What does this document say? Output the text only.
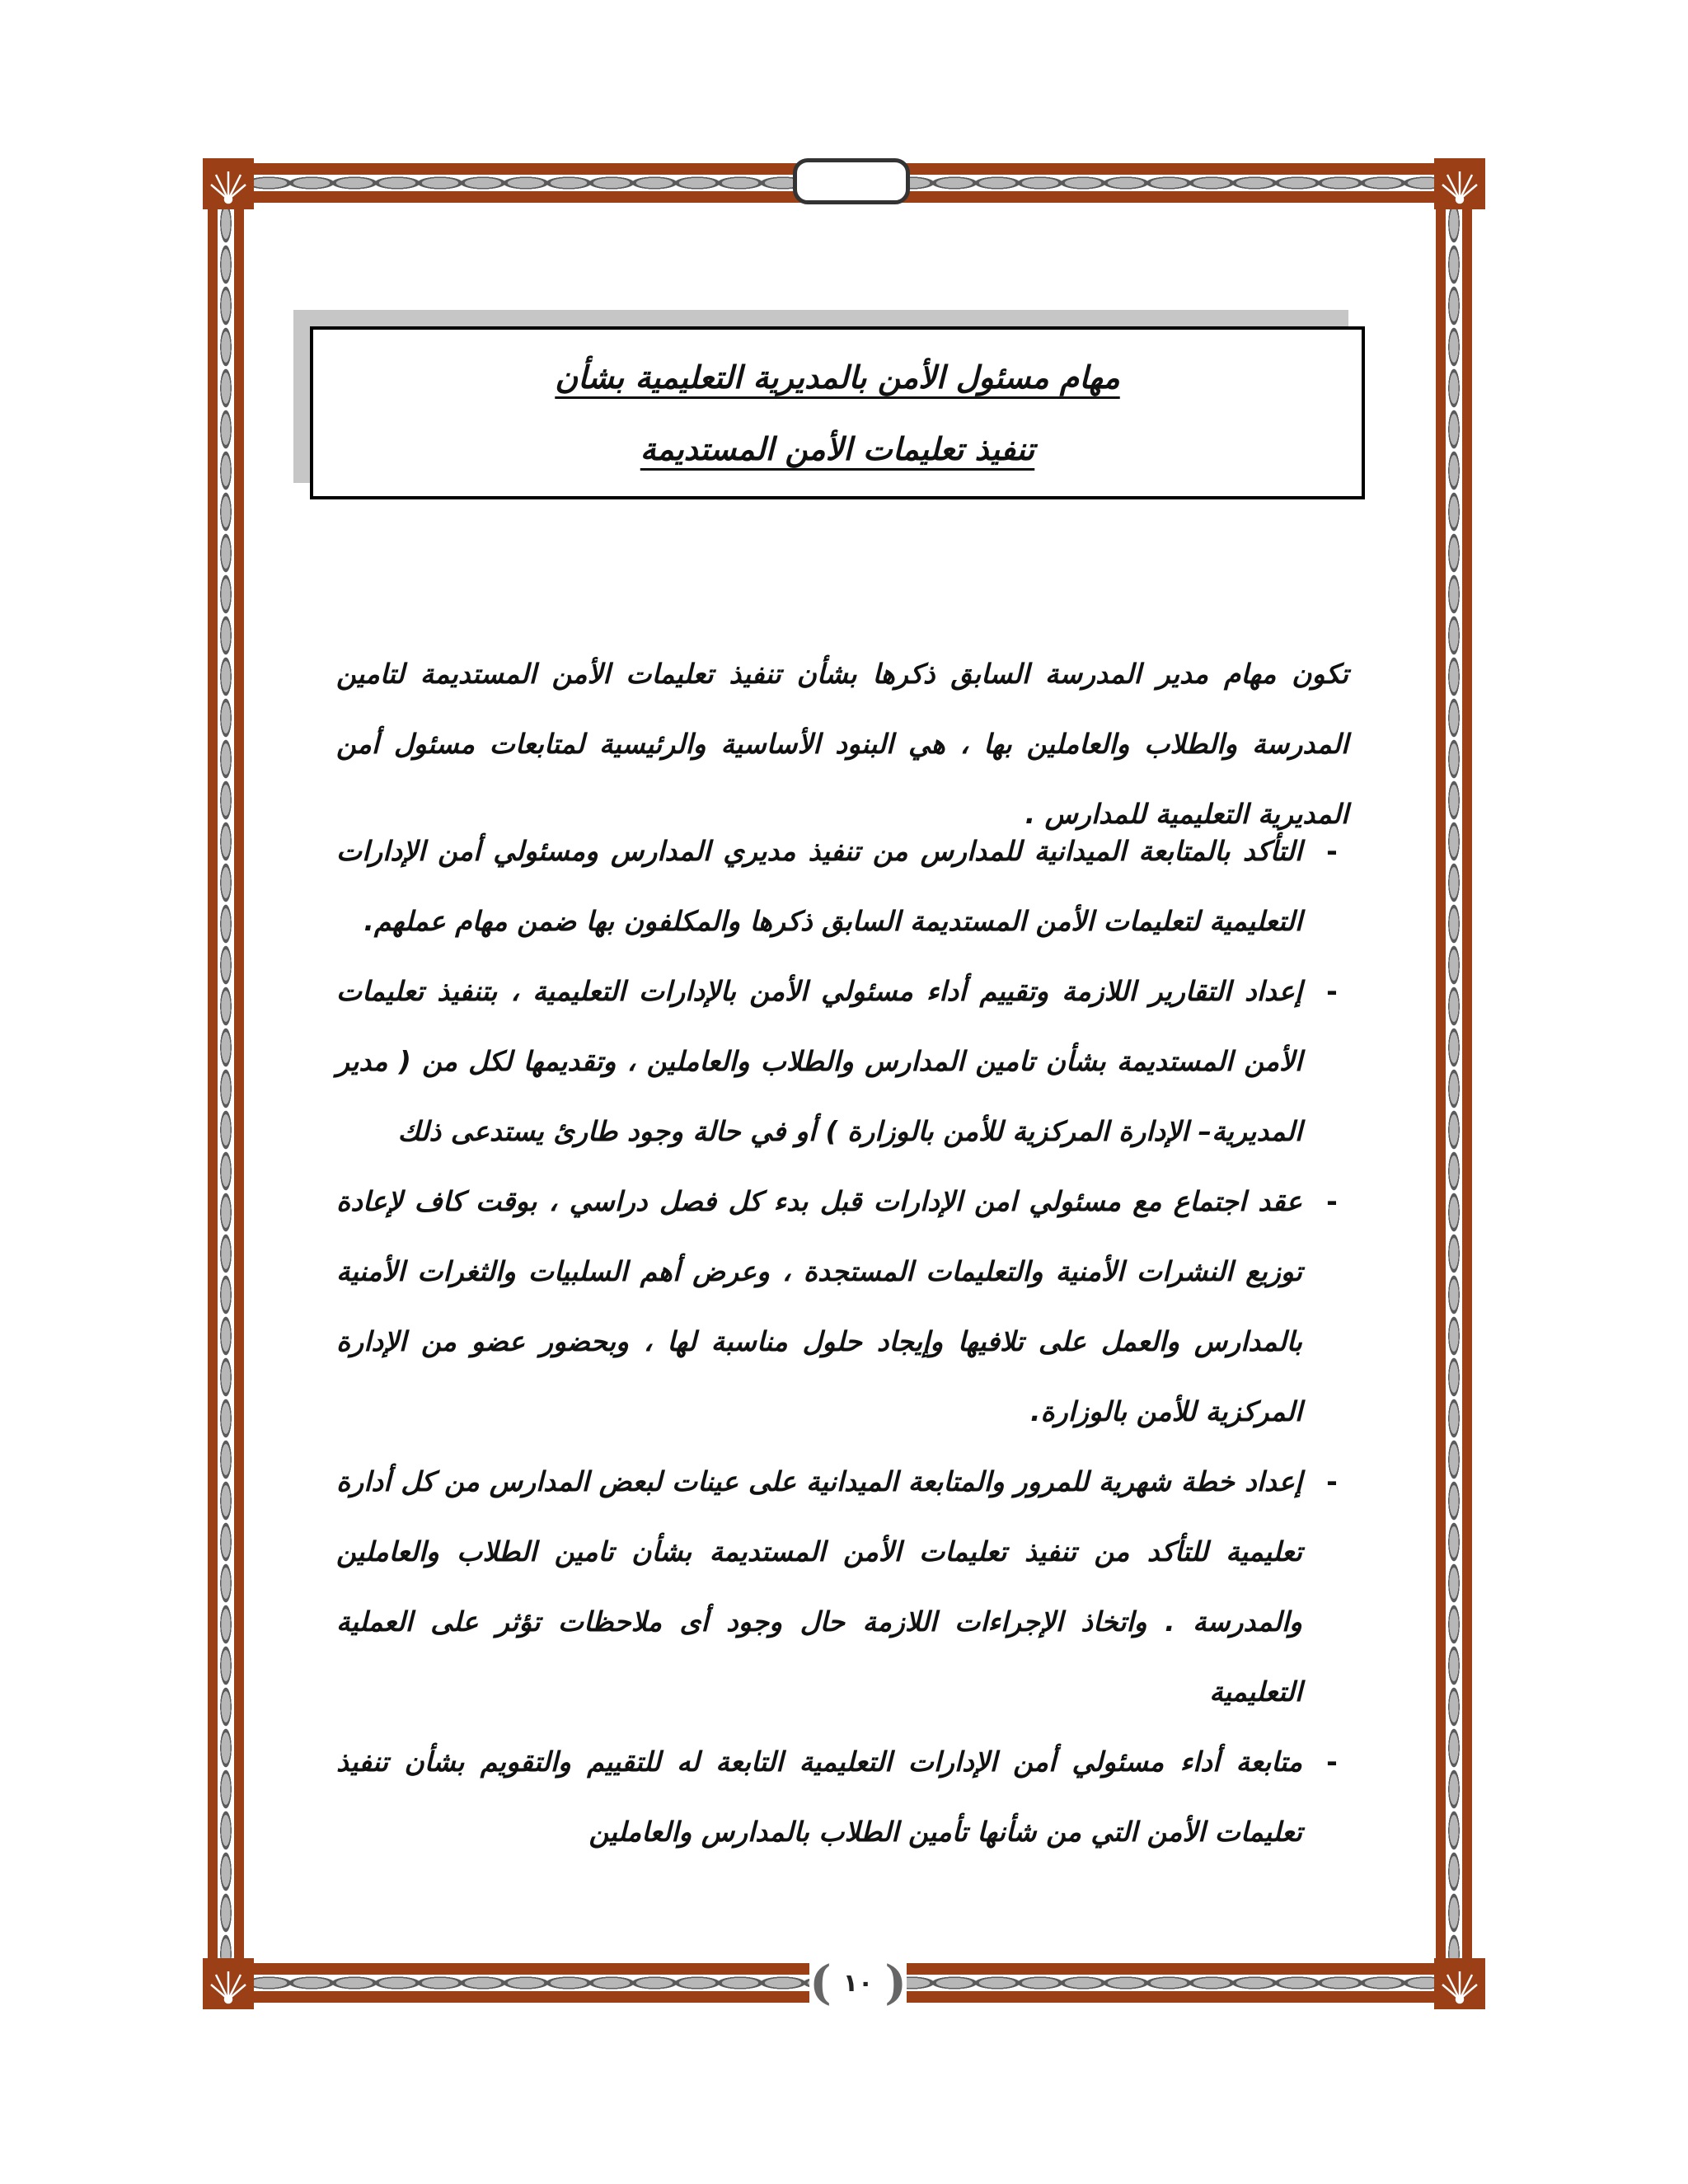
مهام مسئول الأمن بالمديرية التعليمية بشأن
تنفيذ تعليمات الأمن المستديمة

تكون مهام مدير المدرسة السابق ذكرها بشأن تنفيذ تعليمات الأمن المستديمة لتامين المدرسة والطلاب والعاملين بها ، هي البنود الأساسية والرئيسية لمتابعات مسئول أمن المديرية التعليمية للمدارس .

-
التأكد بالمتابعة الميدانية للمدارس من تنفيذ مديري المدارس ومسئولي أمن الإدارات التعليمية لتعليمات الأمن المستديمة السابق ذكرها والمكلفون بها ضمن مهام عملهم.
-
إعداد التقارير اللازمة وتقييم أداء مسئولي الأمن بالإدارات التعليمية ، بتنفيذ تعليمات الأمن المستديمة بشأن تامين المدارس والطلاب والعاملين ، وتقديمها لكل من ( مدير المديرية– الإدارة المركزية للأمن بالوزارة ) أو في حالة وجود طارئ يستدعى ذلك
-
عقد اجتماع مع مسئولي امن الإدارات قبل بدء كل فصل دراسي ، بوقت كاف لإعادة توزيع النشرات الأمنية والتعليمات المستجدة ، وعرض أهم السلبيات والثغرات الأمنية بالمدارس والعمل على تلافيها وإيجاد حلول مناسبة لها ، وبحضور عضو من الإدارة المركزية للأمن بالوزارة.
-
إعداد خطة شهرية للمرور والمتابعة الميدانية على عينات لبعض المدارس من كل أدارة تعليمية للتأكد من تنفيذ تعليمات الأمن المستديمة بشأن تامين الطلاب والعاملين والمدرسة . واتخاذ الإجراءات اللازمة حال وجود أى ملاحظات تؤثر على العملية التعليمية
-
متابعة أداء مسئولي أمن الإدارات التعليمية التابعة له للتقييم والتقويم بشأن تنفيذ تعليمات الأمن التي من شأنها تأمين الطلاب بالمدارس والعاملين
(
١٠
)
